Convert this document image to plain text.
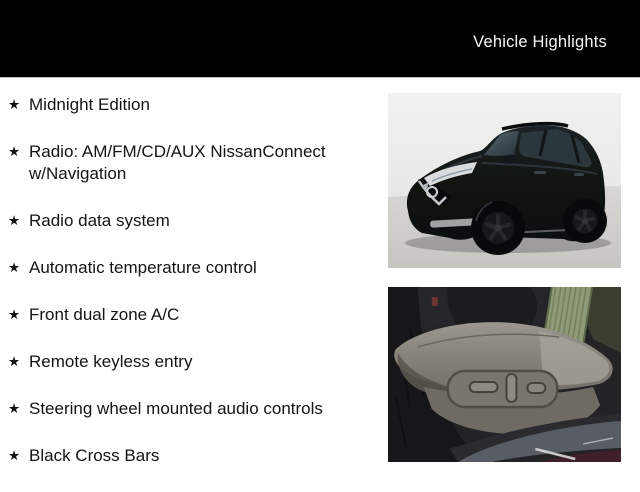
Vehicle Highlights
★ Midnight Edition
★ Radio: AM/FM/CD/AUX NissanConnect w/Navigation
★ Radio data system
★ Automatic temperature control
★ Front dual zone A/C
★ Remote keyless entry
★ Steering wheel mounted audio controls
★ Black Cross Bars
